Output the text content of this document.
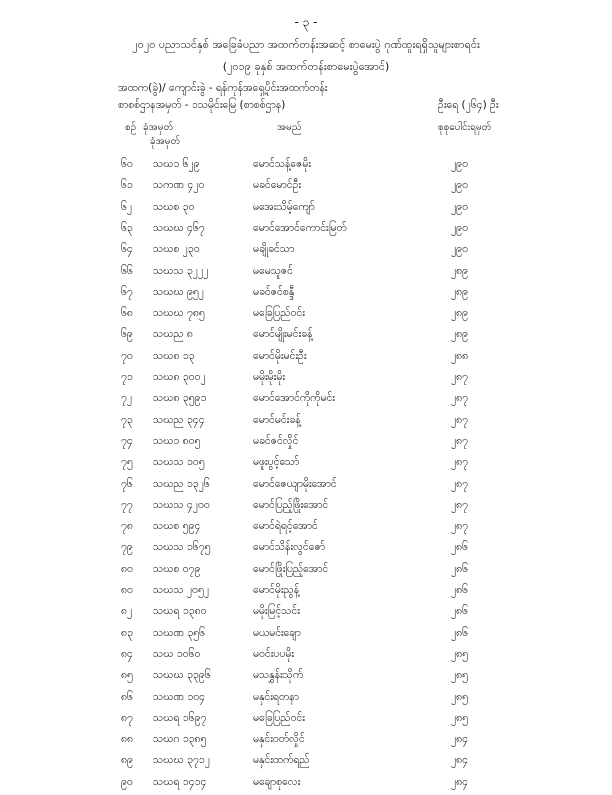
- ၃ -
၂၀၂၀ ပညာသင်နှစ် အခြေခံပညာ အထက်တန်းအဆင့် စာမေးပွဲ ဂုဏ်ထူးရရှိသူများစာရင်း
(၂၀၁၉ ခုနှစ် အထက်တန်းစာမေးပွဲအောင်)
အထက(ခွဲ)/ ကျောင်းခွဲ - ရန်ကုန်အရှေ့ပိုင်းအထက်တန်း
စာစစ်ဌာနအမှတ် - ၁သမိုင်းမြေ (စာစစ်ဌာန)	ဦးရေ (၂၆၄) ဦး
စဉ် ခုံအမှတ်
ခုံအမှတ်
အမည်	စုစုပေါင်းရမှတ်
၆၀ သဃ၁ ၆၂၉	မောင်သန့်ဇေမိုး	၂၉၀
၆၁ သကဏ ၄၂၀	မခင်မောင်ဦး	၂၉၀
၆၂ သဃစ ၃၀	မအေးသိမ့်ကျော်	၂၉၀
၆၃ သဃဃ ၄၆၇	မောင်အောင်ကောင်းမြတ်	၂၉၀
၆၄ သဃစ ၂၃၀	မချိုခင်သာ	၂၉၀
၆၆ သဃသ ၃၂၂၂	မမေသူဇင်	၂၈၉
၆၇ သဃဃ ၉၅၂	မခင်ဇင်စန္ဒီ	၂၈၉
၆၈ သဃဃ ၇၈၅	မခြေပြည်ဝင်း	၂၈၉
၆၉ သဃည ၈	မောင်မျိုးမင်းခန့်	၂၈၉
၇၀ သဃ၈ ၁၃	မောင်မိုးမင်းဦး	၂၈၈
၇၁ သဃ၈ ၃၀၀၂	မမိုးမိုးမိုး	၂၈၇
၇၂ သဃ၈ ၃၅၉၁	မောင်အောင်ကိုကိုမင်း	၂၈၇
၇၃ သဃည ၃၄၄	မောင်မင်းခန့်	၂၈၇
၇၄ သဃ၁ ၈၀၅	မခင်ဇင်လှိုင်	၂၈၇
၇၅ သဃသ ၁၀၅	မဖူးပွင့်သော်	၂၈၇
၇၆ သဃည ၁၃၂၆	မောင်ဇေယျာမိုးအောင်	၂၈၇
၇၇ သဃသ ၄၂၀၀	မောင်ပြည့်ဖြိုးအောင်	၂၈၇
၇၈ သဃစ ၅၉၄	မောင်ရဲရင့်အောင်	၂၈၇
၇၉ သဃသ ၁၆၇၅	မောင်သိန်းလွင်ဇော်	၂၈၆
၈၀ သဃစ ၀၇၉	မောင်ဖြိုးပြည့်အောင်	၂၈၆
၈၀ သဃသ ၂၀၅၂	မောင်မိုးညွန့်	၂၈၆
၈၂ သဃရ ၁၃၈၀	မမိုးမြင့်သင်း	၂၈၆
၈၃ သဃဏ ၃၅၆	မယမင်းချော	၂၈၆
၈၄ သဃ ၁၀၆၀	မဝင်းပပမိုး	၂၈၅
၈၅ သဃဃ ၃၃၉၆	မသနွှန်းသိုက်	၂၈၅
၈၆ သဃဏ ၁၀၄	မနှင်းရတနာ	၂၈၅
၈၇ သဃရ ၁၆၉၇	မခြေပြည်ဝင်း	၂၈၅
၈၈ သဃဂ ၁၃၈၅	မနှင်းဝတ်လှိုင်	၂၈၄
၈၉ သဃဃ ၃၇၁၂	မနှင်းထက်ရည်	၂၈၄
၉၀ သဃရ ၁၄၁၄	မချောစုလေး	၂၈၄
